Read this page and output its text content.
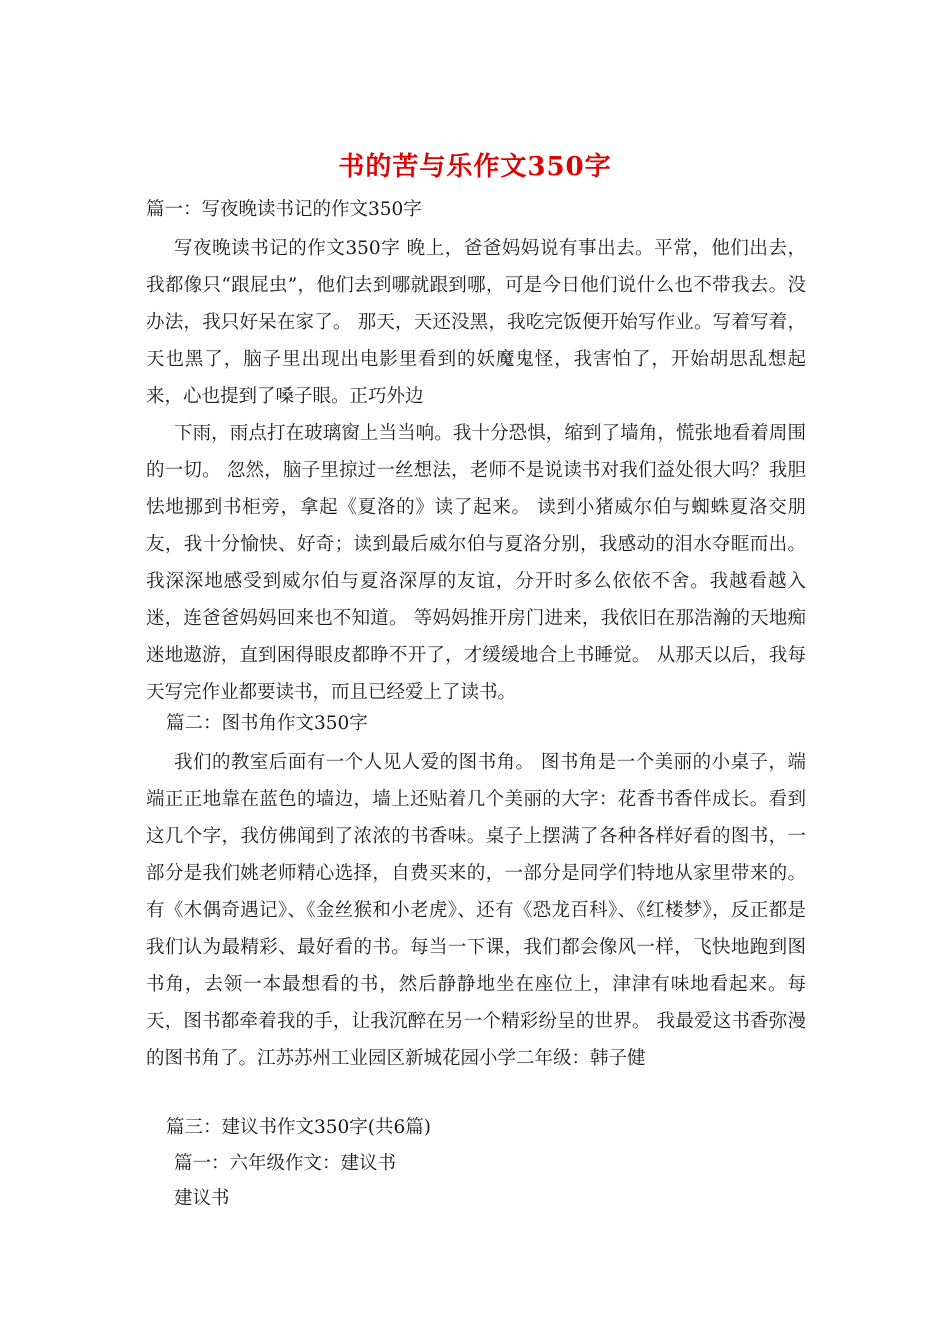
书的苦与乐作文350字
篇一：写夜晚读书记的作文350字
写夜晚读书记的作文350字 晚上，爸爸妈妈说有事出去。平常，他们出去，我都像只“跟屁虫”，他们去到哪就跟到哪，可是今日他们说什么也不带我去。没办法，我只好呆在家了。 那天，天还没黑，我吃完饭便开始写作业。写着写着，天也黑了，脑子里出现出电影里看到的妖魔鬼怪，我害怕了，开始胡思乱想起来，心也提到了嗓子眼。正巧外边
下雨，雨点打在玻璃窗上当当响。我十分恐惧，缩到了墙角，慌张地看着周围的一切。 忽然，脑子里掠过一丝想法，老师不是说读书对我们益处很大吗？我胆怯地挪到书柜旁，拿起《夏洛的》读了起来。 读到小猪威尔伯与蜘蛛夏洛交朋友，我十分愉快、好奇；读到最后威尔伯与夏洛分别，我感动的泪水夺眶而出。我深深地感受到威尔伯与夏洛深厚的友谊，分开时多么依依不舍。我越看越入迷，连爸爸妈妈回来也不知道。 等妈妈推开房门进来，我依旧在那浩瀚的天地痴迷地遨游，直到困得眼皮都睁不开了，才缓缓地合上书睡觉。 从那天以后，我每天写完作业都要读书，而且已经爱上了读书。
篇二：图书角作文350字
我们的教室后面有一个人见人爱的图书角。 图书角是一个美丽的小桌子，端端正正地靠在蓝色的墙边，墙上还贴着几个美丽的大字：花香书香伴成长。看到这几个字，我仿佛闻到了浓浓的书香味。桌子上摆满了各种各样好看的图书，一部分是我们姚老师精心选择，自费买来的，一部分是同学们特地从家里带来的。有《木偶奇遇记》、《金丝猴和小老虎》、还有《恐龙百科》、《红楼梦》，反正都是我们认为最精彩、最好看的书。每当一下课，我们都会像风一样，飞快地跑到图书角，去领一本最想看的书，然后静静地坐在座位上，津津有味地看起来。每天，图书都牵着我的手，让我沉醉在另一个精彩纷呈的世界。 我最爱这书香弥漫的图书角了。江苏苏州工业园区新城花园小学二年级：韩子健
篇三：建议书作文350字(共6篇)
篇一：六年级作文：建议书
建议书
